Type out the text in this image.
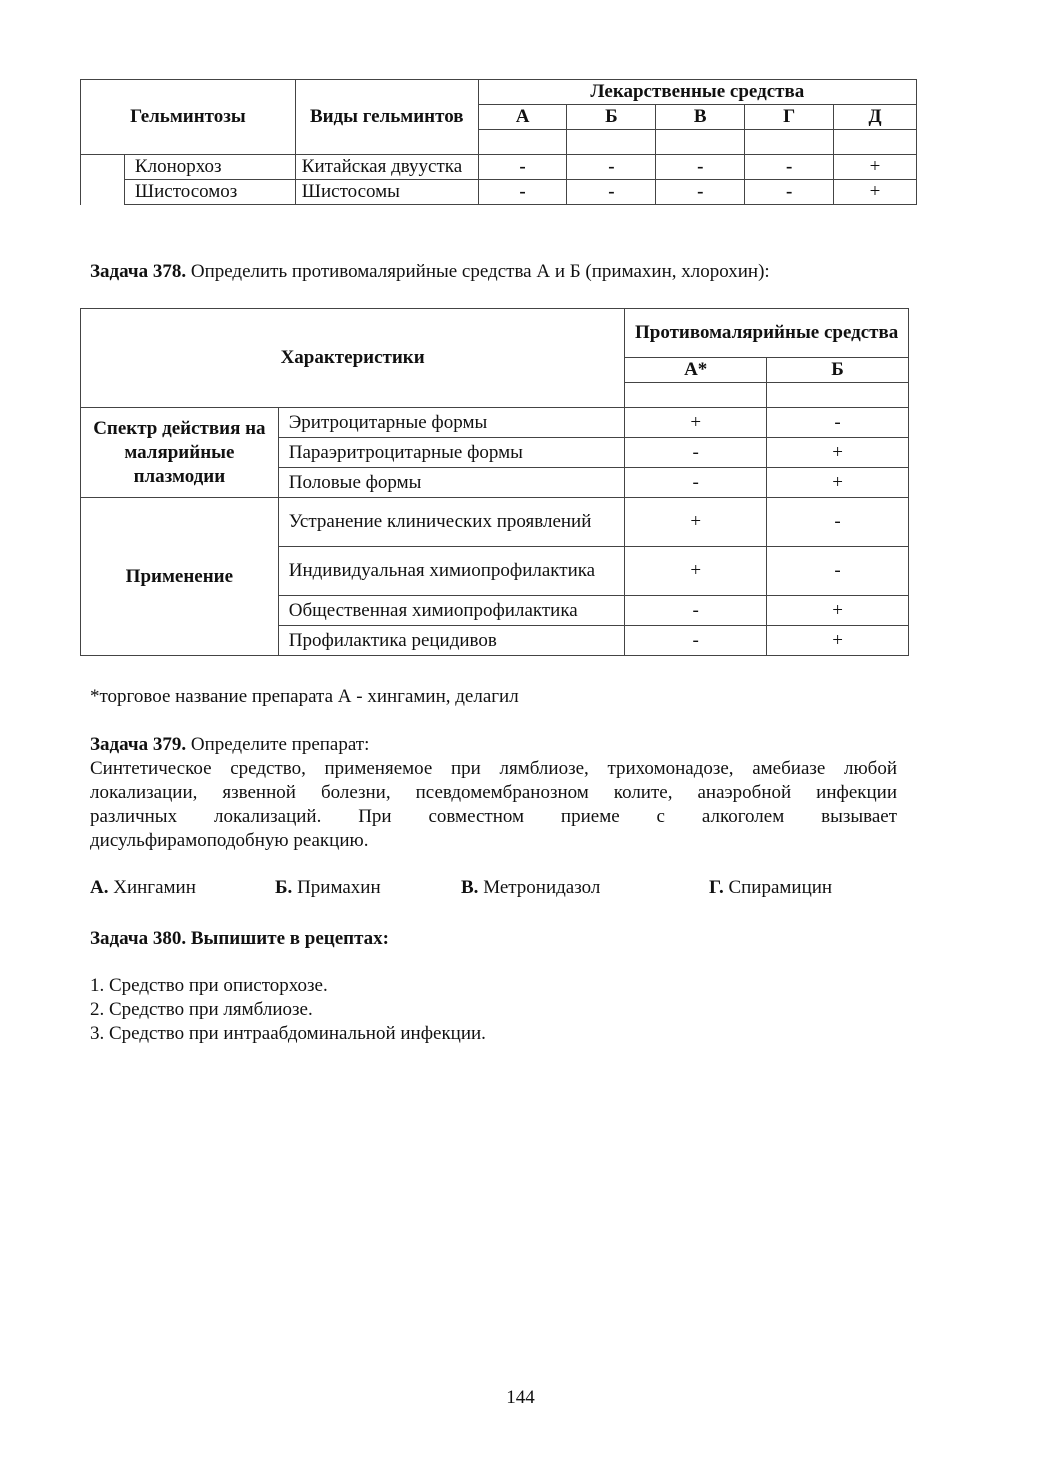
Гельминтозы		Виды гельминтов	Лекарственные средства				
			А	Б	В	Г	Д

	Клонорхоз	Китайская двуустка	-	-	-	-	+
	Шистосомоз	Шистосомы	-	-	-	-	+

Задача 378. Определить противомалярийные средства А и Б (примахин, хлорохин):

Характеристики		Противомалярийные средства	
		А*	Б

Спектр действия на малярийные плазмодии	Эритроцитарные формы	+	-
	Параэритроцитарные формы	-	+
	Половые формы	-	+
Применение	Устранение клинических проявлений	+	-
	Индивидуальная химиопрофилактика	+	-
	Общественная химиопрофилактика	-	+
	Профилактика рецидивов	-	+

*торговое название препарата А - хингамин, делагил

Задача 379. Определите препарат:

Синтетическое средство, применяемое при лямблиозе, трихомонадозе, амебиазе любой

локализации, язвенной болезни, псевдомембранозном колите, анаэробной инфекции

различных локализаций. При совместном приеме с алкоголем вызывает

дисульфирамоподобную реакцию.

А. Хингамин	Б. Примахин	В. Метронидазол	Г. Спирамицин

Задача 380. Выпишите в рецептах:

1. Средство при описторхозе.

2. Средство при лямблиозе.

3. Средство при интраабдоминальной инфекции.

144
